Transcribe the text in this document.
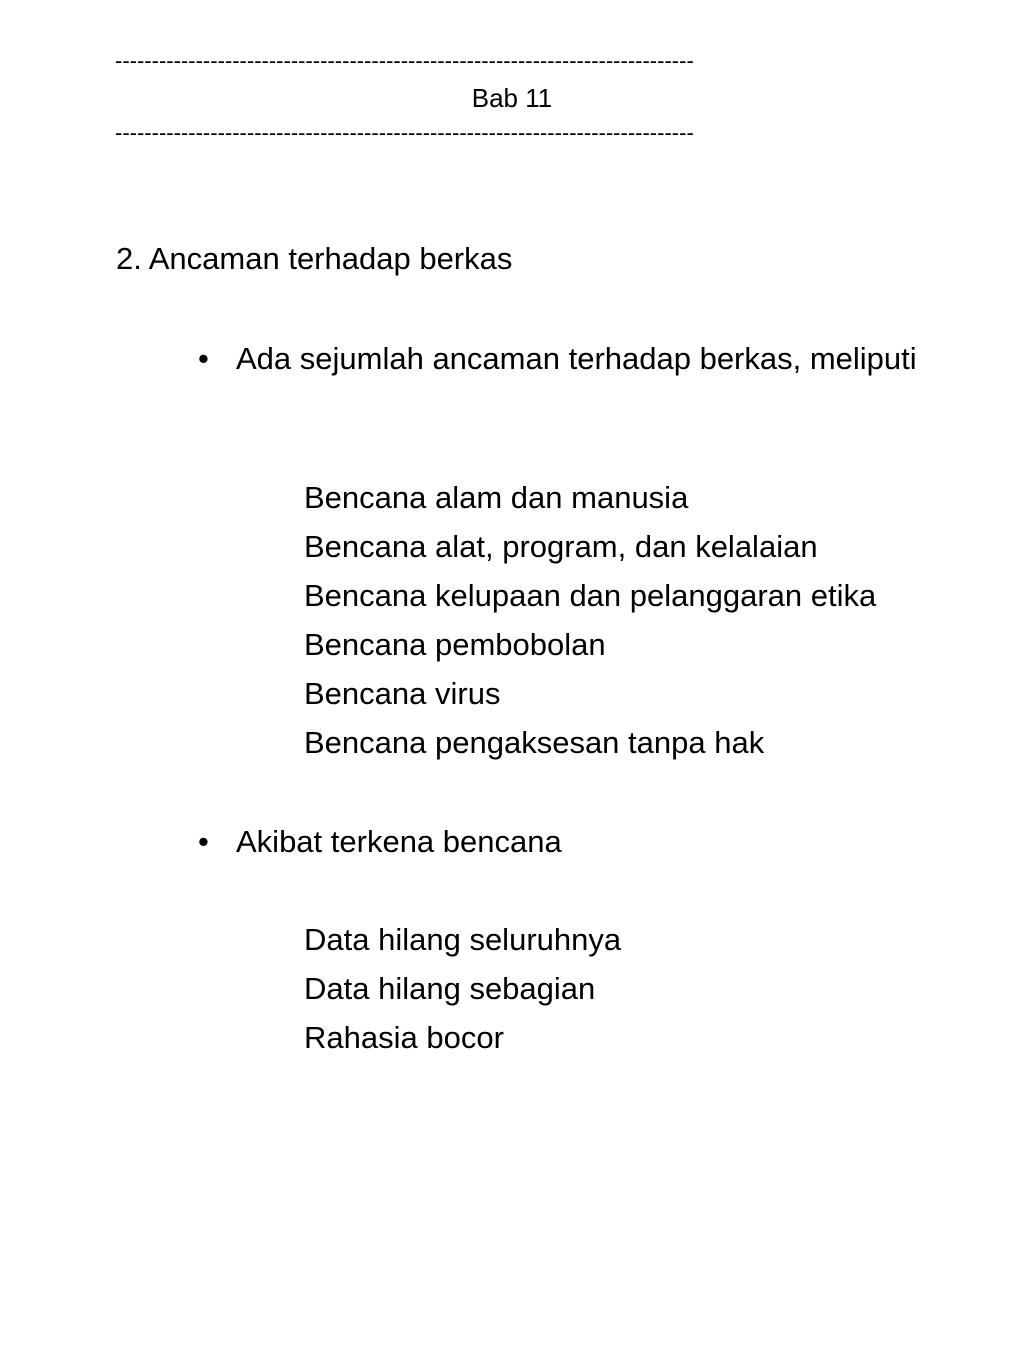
-------------------------------------------------------------------------------
Bab 11
-------------------------------------------------------------------------------
2. Ancaman terhadap berkas
• Ada sejumlah ancaman terhadap berkas, meliputi
Bencana alam dan manusia
Bencana alat, program, dan kelalaian
Bencana kelupaan dan pelanggaran etika
Bencana pembobolan
Bencana virus
Bencana pengaksesan tanpa hak
• Akibat terkena bencana
Data hilang seluruhnya
Data hilang sebagian
Rahasia bocor
